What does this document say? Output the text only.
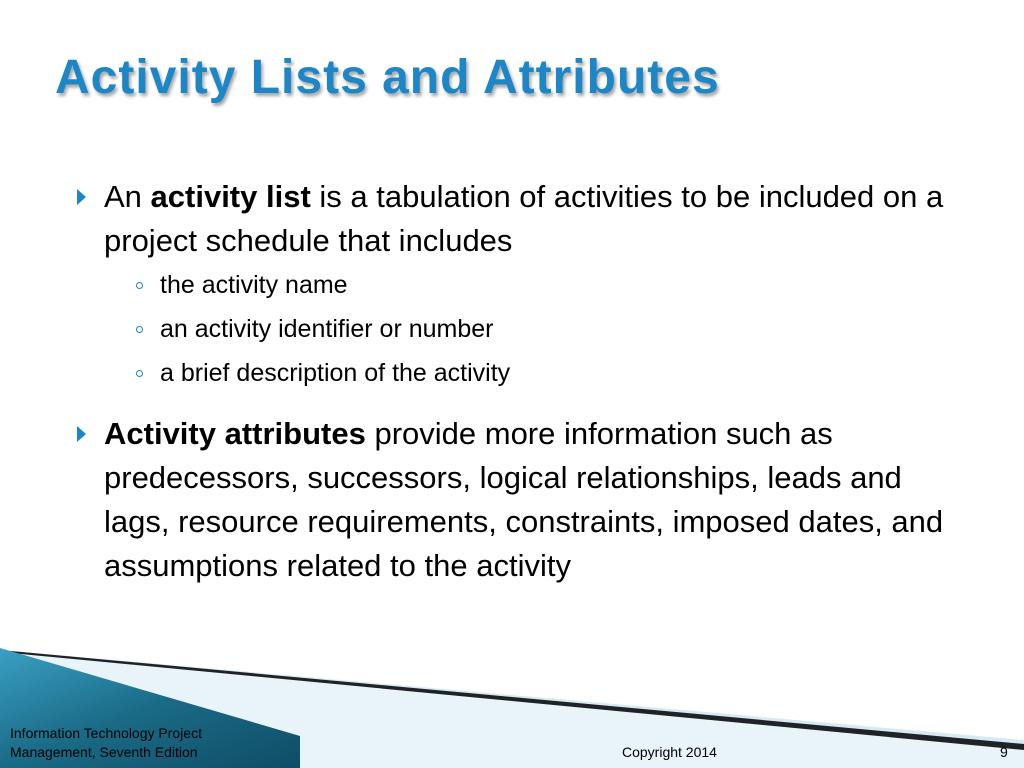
Activity Lists and Attributes
An activity list is a tabulation of activities to be included on a project schedule that includes
the activity name
an activity identifier or number
a brief description of the activity
Activity attributes provide more information such as predecessors, successors, logical relationships, leads and lags, resource requirements, constraints, imposed dates, and assumptions related to the activity
Information Technology Project
Management, Seventh Edition	Copyright 2014	9
